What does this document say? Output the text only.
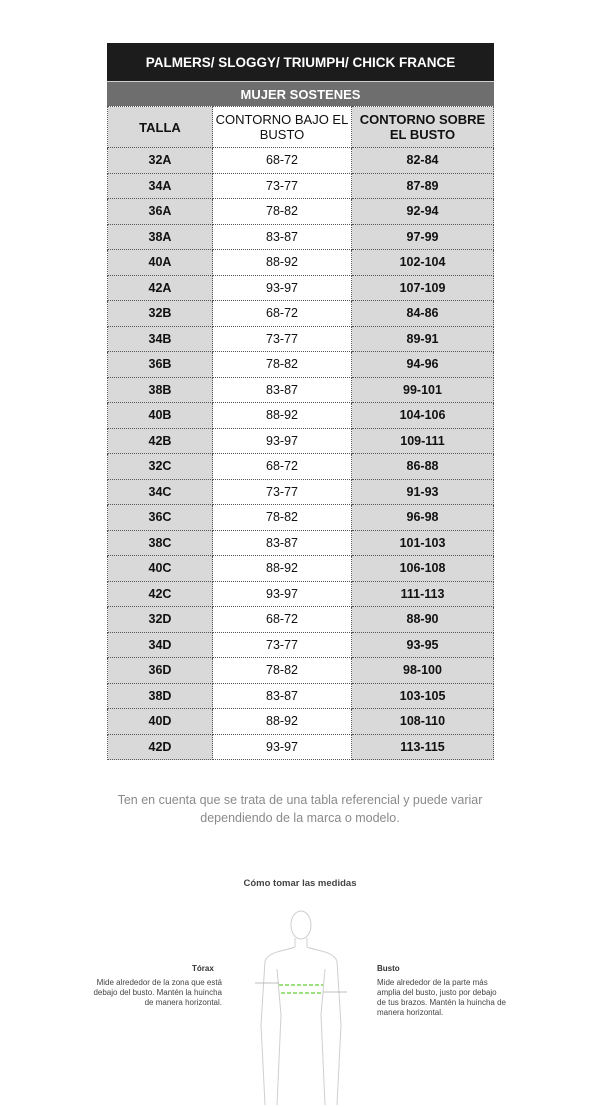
PALMERS/ SLOGGY/ TRIUMPH/ CHICK FRANCE
MUJER SOSTENES
TALLA	CONTORNO BAJO EL BUSTO	CONTORNO SOBRE EL BUSTO
32A	68-72	82-84
34A	73-77	87-89
36A	78-82	92-94
38A	83-87	97-99
40A	88-92	102-104
42A	93-97	107-109
32B	68-72	84-86
34B	73-77	89-91
36B	78-82	94-96
38B	83-87	99-101
40B	88-92	104-106
42B	93-97	109-111
32C	68-72	86-88
34C	73-77	91-93
36C	78-82	96-98
38C	83-87	101-103
40C	88-92	106-108
42C	93-97	111-113
32D	68-72	88-90
34D	73-77	93-95
36D	78-82	98-100
38D	83-87	103-105
40D	88-92	108-110
42D	93-97	113-115
Ten en cuenta que se trata de una tabla referencial y puede variar
dependiendo de la marca o modelo.
Cómo tomar las medidas
Tórax
Mide alrededor de la zona que está
debajo del busto. Mantén la huincha
de manera horizontal.
Busto
Mide alrededor de la parte más
amplia del busto, justo por debajo
de tus brazos. Mantén la huincha de
manera horizontal.
